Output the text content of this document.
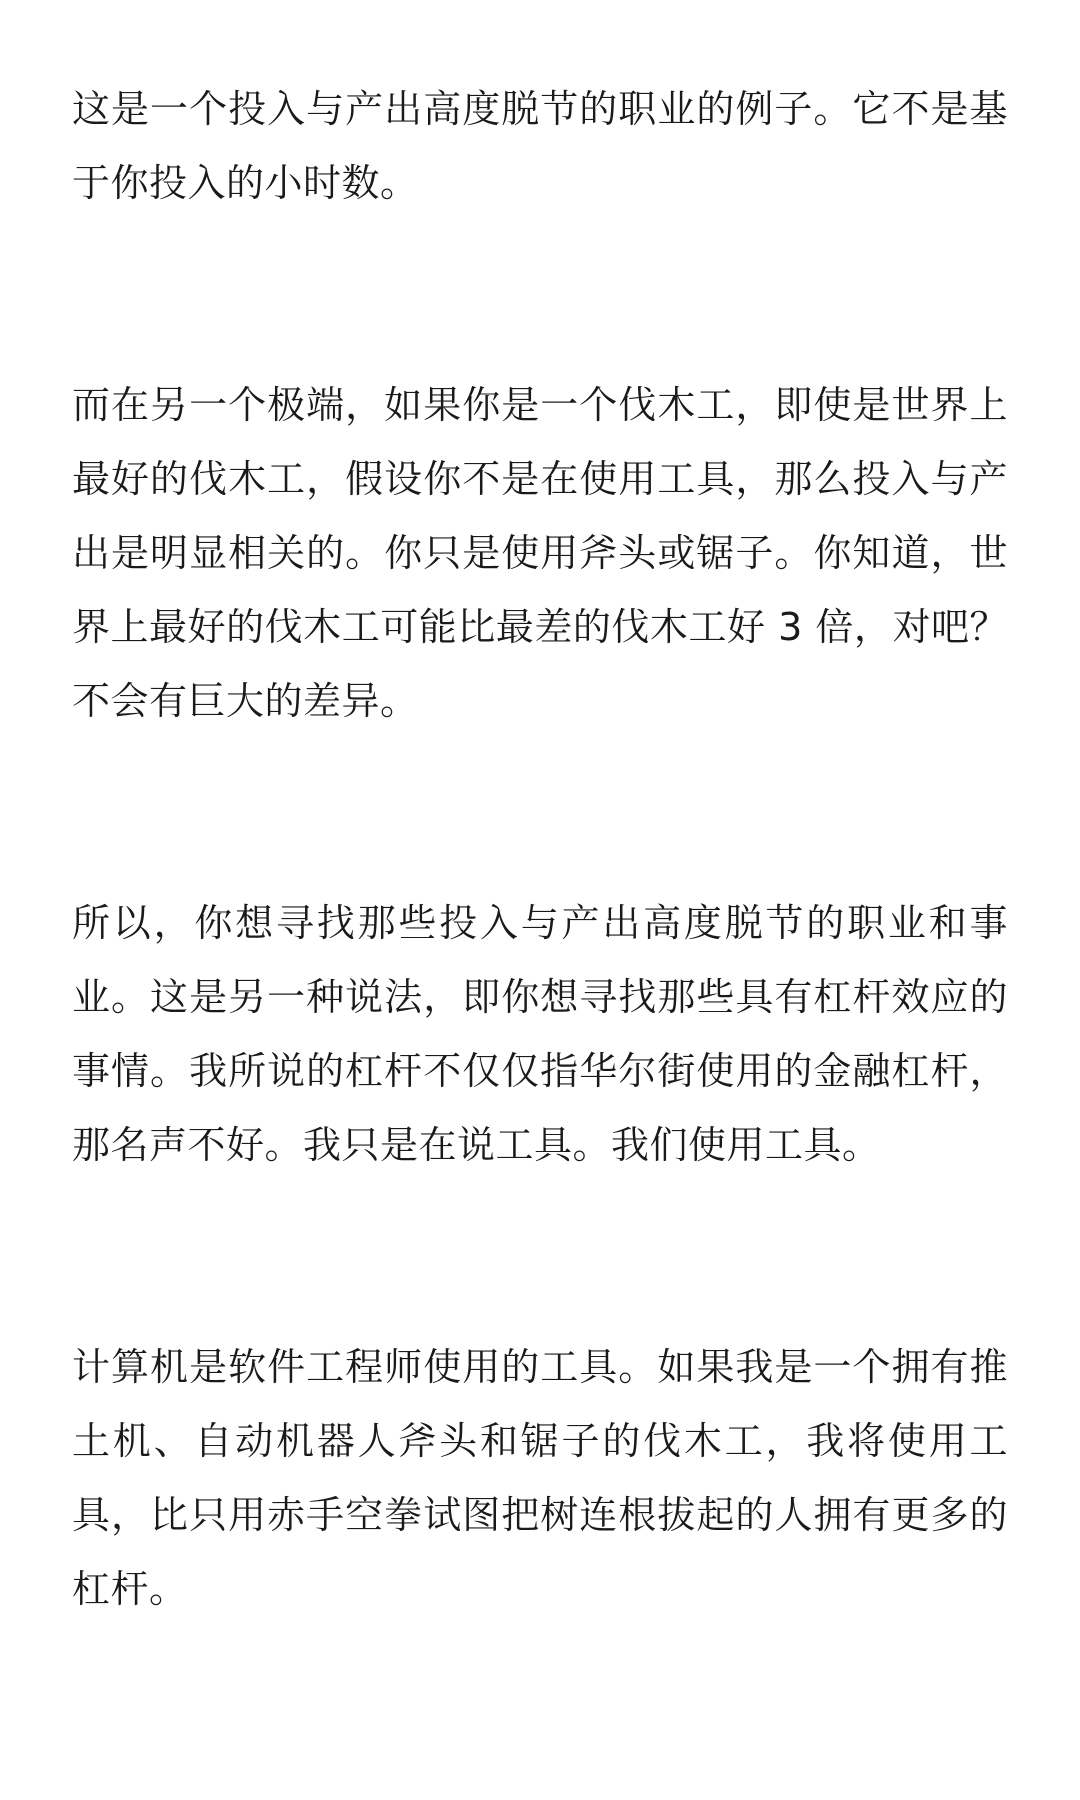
这是一个投入与产出高度脱节的职业的例子。它不是基于你投入的小时数。

而在另一个极端，如果你是一个伐木工，即使是世界上最好的伐木工，假设你不是在使用工具，那么投入与产出是明显相关的。你只是使用斧头或锯子。你知道，世界上最好的伐木工可能比最差的伐木工好 3 倍，对吧？ 不会有巨大的差异。

所以，你想寻找那些投入与产出高度脱节的职业和事业。这是另一种说法，即你想寻找那些具有杠杆效应的事情。我所说的杠杆不仅仅指华尔街使用的金融杠杆，那名声不好。我只是在说工具。我们使用工具。

计算机是软件工程师使用的工具。如果我是一个拥有推土机、自动机器人斧头和锯子的伐木工，我将使用工具，比只用赤手空拳试图把树连根拔起的人拥有更多的杠杆。
